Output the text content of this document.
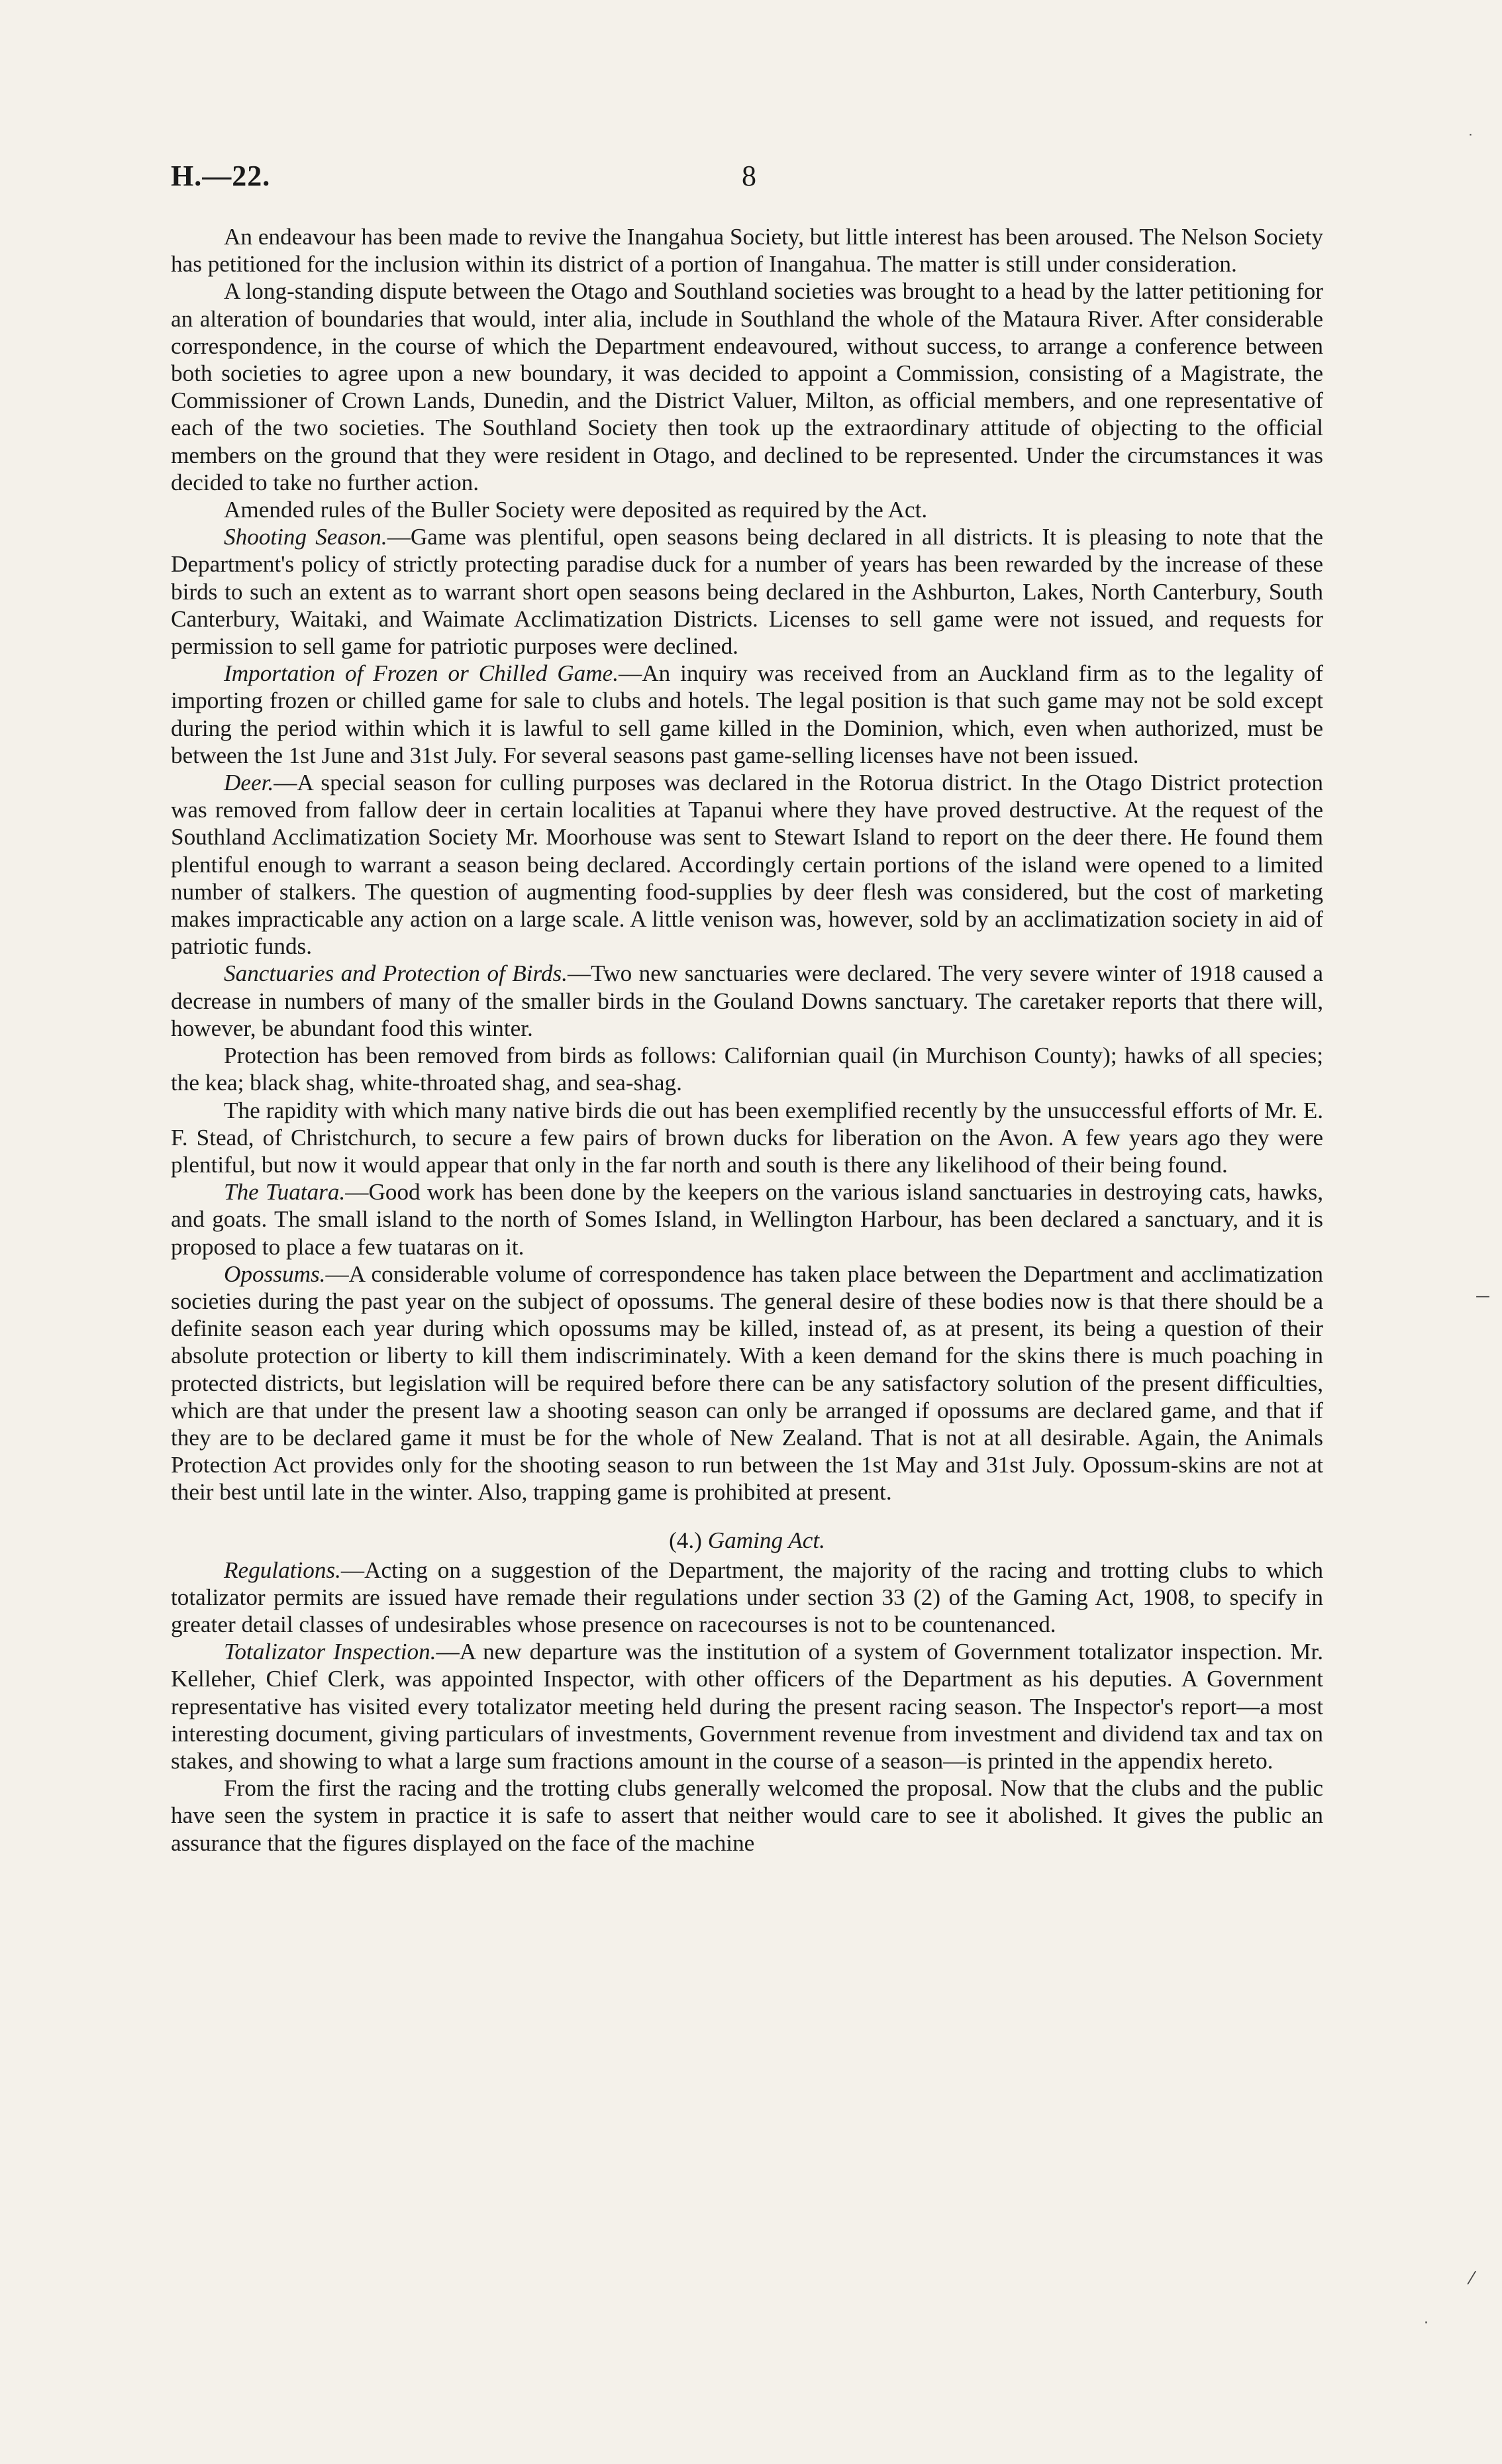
H.—22.	8

An endeavour has been made to revive the Inangahua Society, but little interest has been aroused. The Nelson Society has petitioned for the inclusion within its district of a portion of Inangahua. The matter is still under consideration.

A long-standing dispute between the Otago and Southland societies was brought to a head by the latter petitioning for an alteration of boundaries that would, inter alia, include in Southland the whole of the Mataura River. After considerable correspondence, in the course of which the Department endeavoured, without success, to arrange a conference between both societies to agree upon a new boundary, it was decided to appoint a Commission, consisting of a Magistrate, the Commissioner of Crown Lands, Dunedin, and the District Valuer, Milton, as official members, and one representative of each of the two societies. The Southland Society then took up the extraordinary attitude of objecting to the official members on the ground that they were resident in Otago, and declined to be represented. Under the circumstances it was decided to take no further action.

Amended rules of the Buller Society were deposited as required by the Act.

Shooting Season.—Game was plentiful, open seasons being declared in all districts. It is pleasing to note that the Department's policy of strictly protecting paradise duck for a number of years has been rewarded by the increase of these birds to such an extent as to warrant short open seasons being declared in the Ashburton, Lakes, North Canterbury, South Canterbury, Waitaki, and Waimate Acclimatization Districts. Licenses to sell game were not issued, and requests for permission to sell game for patriotic purposes were declined.

Importation of Frozen or Chilled Game.—An inquiry was received from an Auckland firm as to the legality of importing frozen or chilled game for sale to clubs and hotels. The legal position is that such game may not be sold except during the period within which it is lawful to sell game killed in the Dominion, which, even when authorized, must be between the 1st June and 31st July. For several seasons past game-selling licenses have not been issued.

Deer.—A special season for culling purposes was declared in the Rotorua district. In the Otago District protection was removed from fallow deer in certain localities at Tapanui where they have proved destructive. At the request of the Southland Acclimatization Society Mr. Moorhouse was sent to Stewart Island to report on the deer there. He found them plentiful enough to warrant a season being declared. Accordingly certain portions of the island were opened to a limited number of stalkers. The question of augmenting food-supplies by deer flesh was considered, but the cost of marketing makes impracticable any action on a large scale. A little venison was, however, sold by an acclimatization society in aid of patriotic funds.

Sanctuaries and Protection of Birds.—Two new sanctuaries were declared. The very severe winter of 1918 caused a decrease in numbers of many of the smaller birds in the Gouland Downs sanctuary. The caretaker reports that there will, however, be abundant food this winter.

Protection has been removed from birds as follows: Californian quail (in Murchison County); hawks of all species; the kea; black shag, white-throated shag, and sea-shag.

The rapidity with which many native birds die out has been exemplified recently by the unsuccessful efforts of Mr. E. F. Stead, of Christchurch, to secure a few pairs of brown ducks for liberation on the Avon. A few years ago they were plentiful, but now it would appear that only in the far north and south is there any likelihood of their being found.

The Tuatara.—Good work has been done by the keepers on the various island sanctuaries in destroying cats, hawks, and goats. The small island to the north of Somes Island, in Wellington Harbour, has been declared a sanctuary, and it is proposed to place a few tuataras on it.

Opossums.—A considerable volume of correspondence has taken place between the Department and acclimatization societies during the past year on the subject of opossums. The general desire of these bodies now is that there should be a definite season each year during which opossums may be killed, instead of, as at present, its being a question of their absolute protection or liberty to kill them indiscriminately. With a keen demand for the skins there is much poaching in protected districts, but legislation will be required before there can be any satisfactory solution of the present difficulties, which are that under the present law a shooting season can only be arranged if opossums are declared game, and that if they are to be declared game it must be for the whole of New Zealand. That is not at all desirable. Again, the Animals Protection Act provides only for the shooting season to run between the 1st May and 31st July. Opossum-skins are not at their best until late in the winter. Also, trapping game is prohibited at present.

(4.) Gaming Act.

Regulations.—Acting on a suggestion of the Department, the majority of the racing and trotting clubs to which totalizator permits are issued have remade their regulations under section 33 (2) of the Gaming Act, 1908, to specify in greater detail classes of undesirables whose presence on racecourses is not to be countenanced.

Totalizator Inspection.—A new departure was the institution of a system of Government totalizator inspection. Mr. Kelleher, Chief Clerk, was appointed Inspector, with other officers of the Department as his deputies. A Government representative has visited every totalizator meeting held during the present racing season. The Inspector's report—a most interesting document, giving particulars of investments, Government revenue from investment and dividend tax and tax on stakes, and showing to what a large sum fractions amount in the course of a season—is printed in the appendix hereto.

From the first the racing and the trotting clubs generally welcomed the proposal. Now that the clubs and the public have seen the system in practice it is safe to assert that neither would care to see it abolished. It gives the public an assurance that the figures displayed on the face of the machine

˙
—
⁄
·
